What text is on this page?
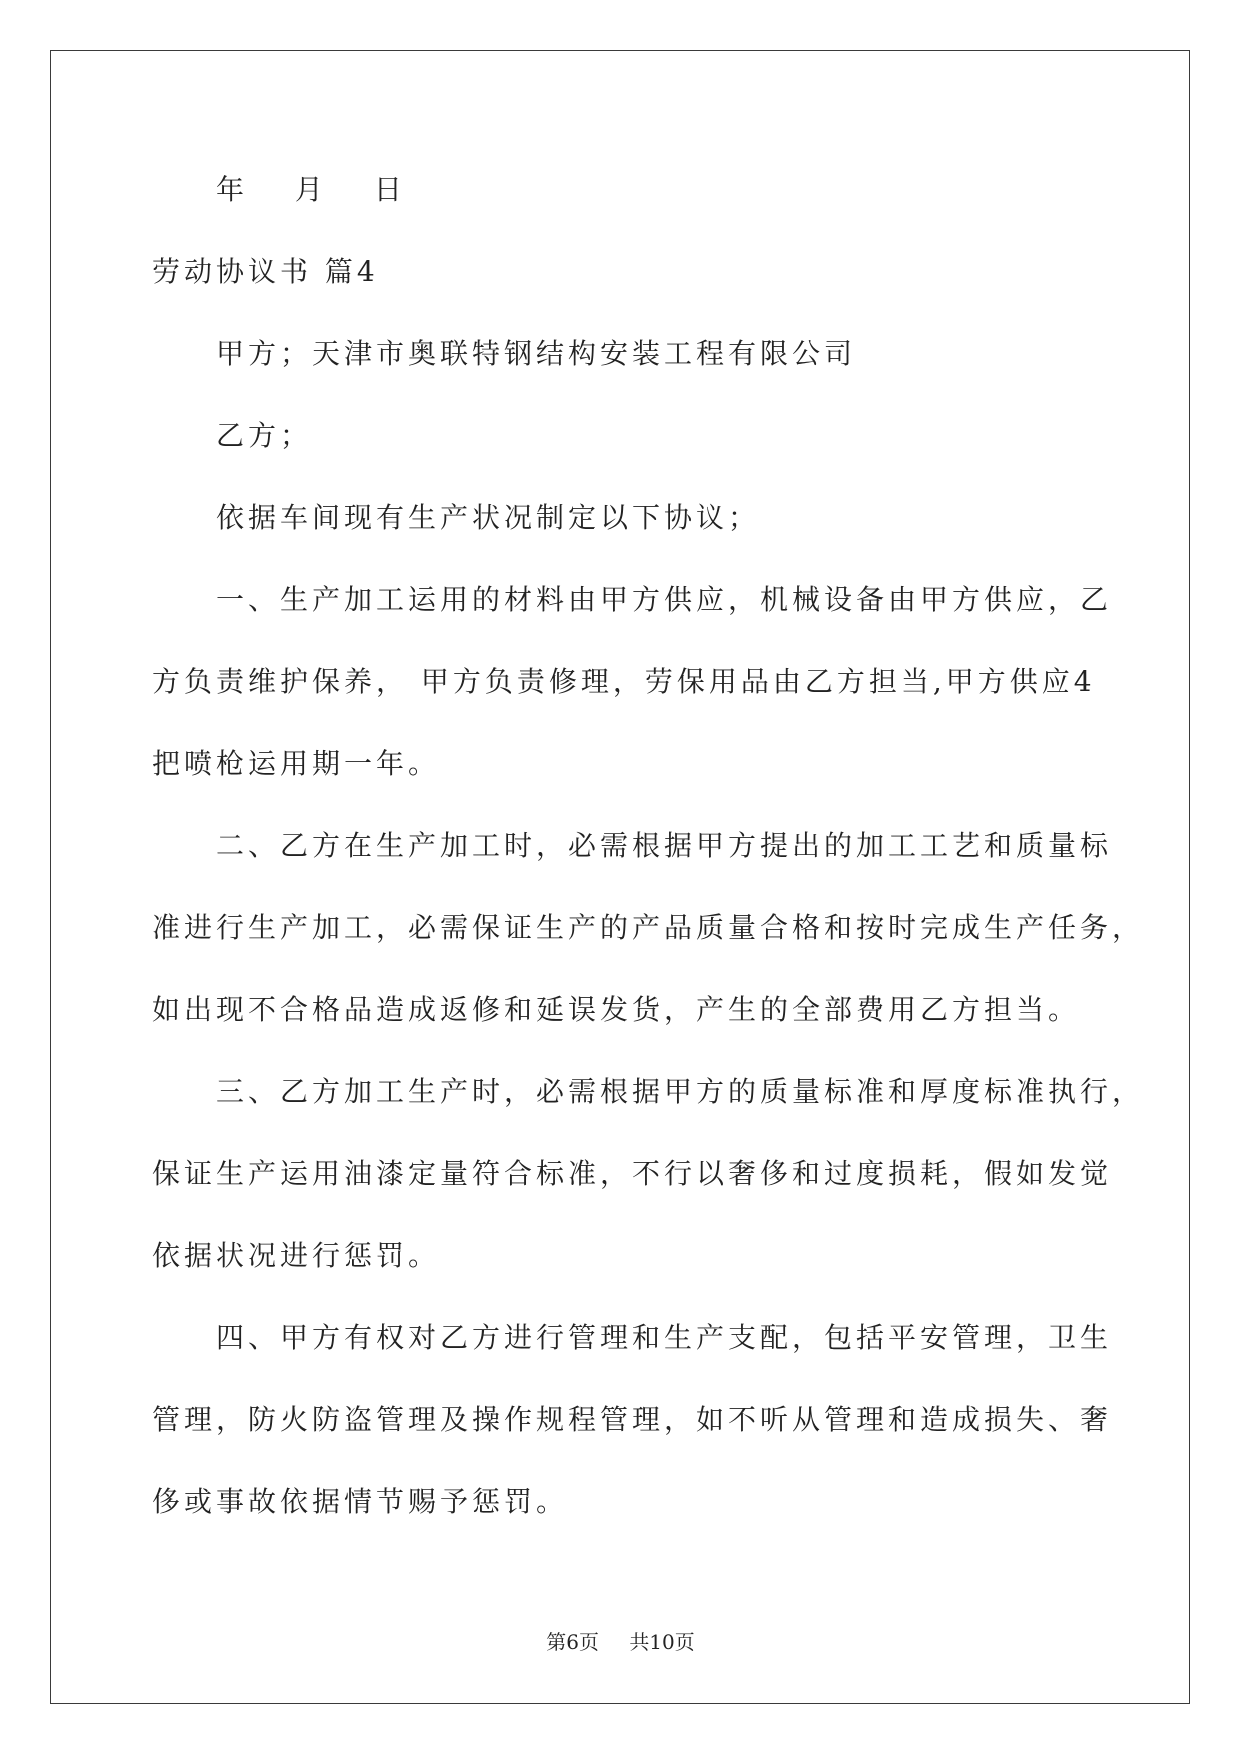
年 月 日
劳动协议书 篇4
甲方；天津市奥联特钢结构安装工程有限公司
乙方；
依据车间现有生产状况制定以下协议；
一、生产加工运用的材料由甲方供应，机械设备由甲方供应，乙
方负责维护保养， 甲方负责修理，劳保用品由乙方担当,甲方供应4
把喷枪运用期一年。
二、乙方在生产加工时，必需根据甲方提出的加工工艺和质量标
准进行生产加工，必需保证生产的产品质量合格和按时完成生产任务，
如出现不合格品造成返修和延误发货，产生的全部费用乙方担当。
三、乙方加工生产时，必需根据甲方的质量标准和厚度标准执行，
保证生产运用油漆定量符合标准，不行以奢侈和过度损耗，假如发觉
依据状况进行惩罚。
四、甲方有权对乙方进行管理和生产支配，包括平安管理，卫生
管理，防火防盗管理及操作规程管理，如不听从管理和造成损失、奢
侈或事故依据情节赐予惩罚。
第6页 共10页
